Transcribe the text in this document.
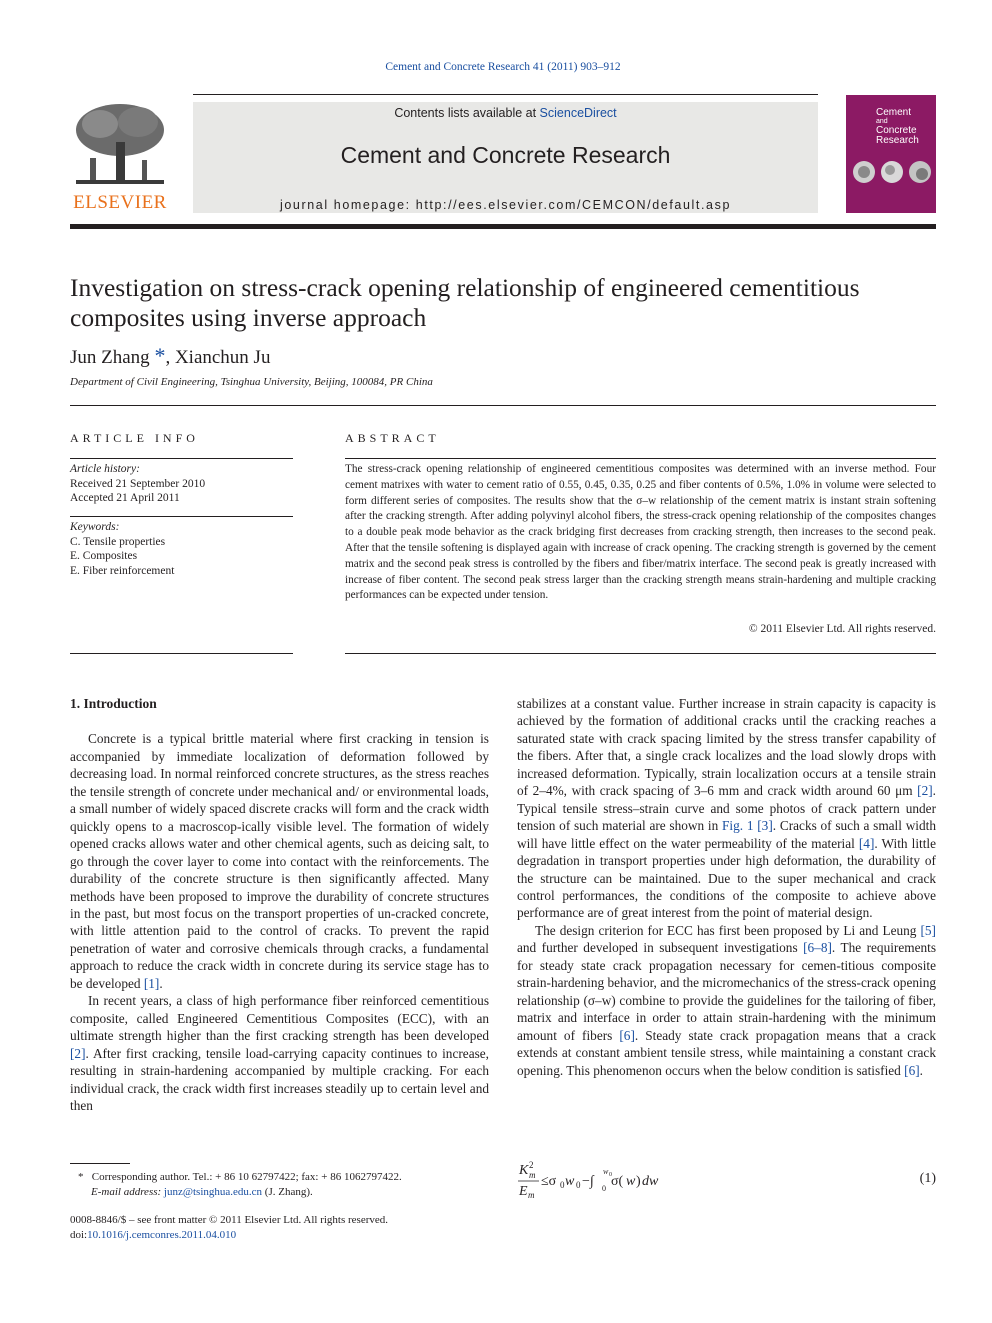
Cement and Concrete Research 41 (2011) 903–912
ELSEVIER
Contents lists available at ScienceDirect
Cement and Concrete Research
journal homepage: http://ees.elsevier.com/CEMCON/default.asp
Cement
and
Concrete
Research
Investigation on stress-crack opening relationship of engineered cementitious composites using inverse approach
Jun Zhang *, Xianchun Ju
Department of Civil Engineering, Tsinghua University, Beijing, 100084, PR China
ARTICLE INFO
Article history:
Received 21 September 2010
Accepted 21 April 2011
Keywords:
C. Tensile properties
E. Composites
E. Fiber reinforcement
ABSTRACT
The stress-crack opening relationship of engineered cementitious composites was determined with an inverse method. Four cement matrixes with water to cement ratio of 0.55, 0.45, 0.35, 0.25 and fiber contents of 0.5%, 1.0% in volume were selected to form different series of composites. The results show that the σ–w relationship of the cement matrix is instant strain softening after the cracking strength. After adding polyvinyl alcohol fibers, the stress-crack opening relationship of the composites changes to a double peak mode behavior as the crack bridging first decreases from cracking strength, then increases to the second peak. After that the tensile softening is displayed again with increase of crack opening. The cracking strength is governed by the cement matrix and the second peak stress is controlled by the fibers and fiber/matrix interface. The second peak is greatly increased with increase of fiber content. The second peak stress larger than the cracking strength means strain-hardening and multiple cracking performances can be expected under tension.
© 2011 Elsevier Ltd. All rights reserved.

1. Introduction

Concrete is a typical brittle material where first cracking in tension is accompanied by immediate localization of deformation followed by decreasing load. In normal reinforced concrete structures, as the stress reaches the tensile strength of concrete under mechanical and/ or environmental loads, a small number of widely spaced discrete cracks will form and the crack width quickly opens to a macroscop-ically visible level. The formation of widely opened cracks allows water and other chemical agents, such as deicing salt, to go through the cover layer to come into contact with the reinforcements. The durability of the concrete structure is then significantly affected. Many methods have been proposed to improve the durability of concrete structures in the past, but most focus on the transport properties of un-cracked concrete, with little attention paid to the control of cracks. To prevent the rapid penetration of water and corrosive chemicals through cracks, a fundamental approach to reduce the crack width in concrete during its service stage has to be developed [1].

In recent years, a class of high performance fiber reinforced cementitious composite, called Engineered Cementitious Composites (ECC), with an ultimate strength higher than the first cracking strength has been developed [2]. After first cracking, tensile load-carrying capacity continues to increase, resulting in strain-hardening accompanied by multiple cracking. For each individual crack, the crack width first increases steadily up to certain level and then

stabilizes at a constant value. Further increase in strain capacity is capacity is achieved by the formation of additional cracks until the cracking reaches a saturated state with crack spacing limited by the stress transfer capability of the fibers. After that, a single crack localizes and the load slowly drops with increased deformation. Typically, strain localization occurs at a tensile strain of 2–4%, with crack spacing of 3–6 mm and crack width around 60 μm [2]. Typical tensile stress–strain curve and some photos of crack pattern under tension of such material are shown in Fig. 1 [3]. Cracks of such a small width will have little effect on the water permeability of the material [4]. With little degradation in transport properties under high deformation, the durability of the structure can be maintained. Due to the super mechanical and crack control performances, the conditions of the composite to achieve above performance are of great interest from the point of material design.

The design criterion for ECC has first been proposed by Li and Leung [5] and further developed in subsequent investigations [6–8]. The requirements for steady state crack propagation necessary for cemen-titious composite strain-hardening behavior, and the micromechanics of the stress-crack opening relationship (σ–w) combine to provide the guidelines for the tailoring of fiber, matrix and interface in order to attain strain-hardening with the minimum amount of fibers [6]. Steady state crack propagation means that a crack extends at constant ambient tensile stress, while maintaining a constant crack opening. This phenomenon occurs when the below condition is satisfied [6].

K 2
m
E m
≤σ 0 w 0 −∫
w 0
0 σ( w ) dw	(1)
*   Corresponding author. Tel.: + 86 10 62797422; fax: + 86 1062797422.
E-mail address: junz@tsinghua.edu.cn (J. Zhang).
0008-8846/$ – see front matter © 2011 Elsevier Ltd. All rights reserved.
doi:10.1016/j.cemconres.2011.04.010
